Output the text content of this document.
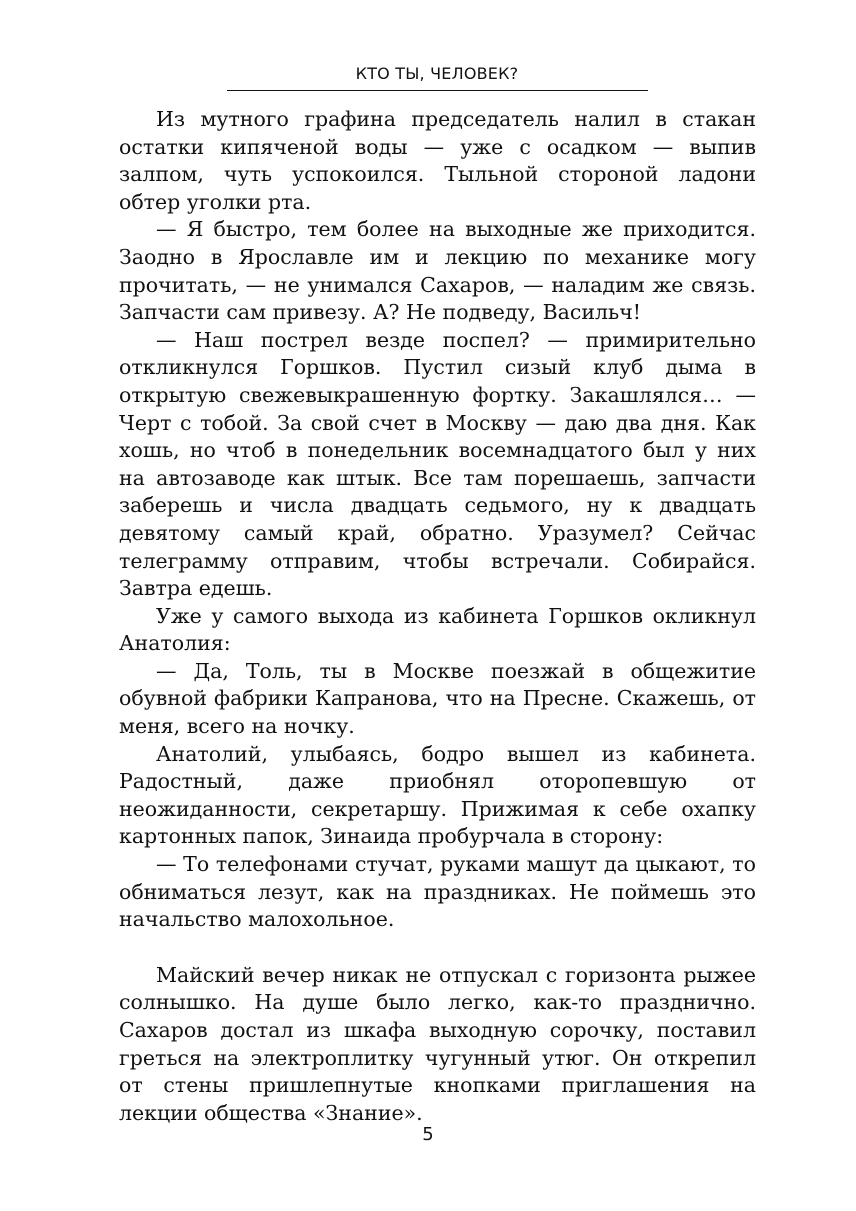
КТО ТЫ, ЧЕЛОВЕК?

Из мутного графина председатель налил в стакан остатки кипяченой воды — уже с осадком — выпив залпом, чуть успокоился. Тыльной стороной ладони обтер уголки рта.

— Я быстро, тем более на выходные же приходится. Заодно в Ярославле им и лекцию по механике могу прочитать, — не унимался Сахаров, — наладим же связь. Запчасти сам привезу. А? Не подведу, Васильч!

— Наш пострел везде поспел? — примирительно откликнулся Горшков. Пустил сизый клуб дыма в открытую свежевыкрашенную фортку. Закашлялся… — Черт с тобой. За свой счет в Москву — даю два дня. Как хошь, но чтоб в понедельник восемнадцатого был у них на автозаводе как штык. Все там порешаешь, запчасти заберешь и числа двадцать седьмого, ну к двадцать девятому самый край, обратно. Уразумел? Сейчас телеграмму отправим, чтобы встречали. Собирайся. Завтра едешь.

Уже у самого выхода из кабинета Горшков окликнул Анатолия:

— Да, Толь, ты в Москве поезжай в общежитие обувной фабрики Капранова, что на Пресне. Скажешь, от меня, всего на ночку.

Анатолий, улыбаясь, бодро вышел из кабинета. Радостный, даже приобнял оторопевшую от неожиданности, секретаршу. Прижимая к себе охапку картонных папок, Зинаида пробурчала в сторону:

— То телефонами стучат, руками машут да цыкают, то обниматься лезут, как на праздниках. Не поймешь это начальство малохольное.

Майский вечер никак не отпускал с горизонта рыжее солнышко. На душе было легко, как-то празднично. Сахаров достал из шкафа выходную сорочку, поставил греться на электроплитку чугунный утюг. Он открепил от стены пришлепнутые кнопками приглашения на лекции общества «Знание».

5
